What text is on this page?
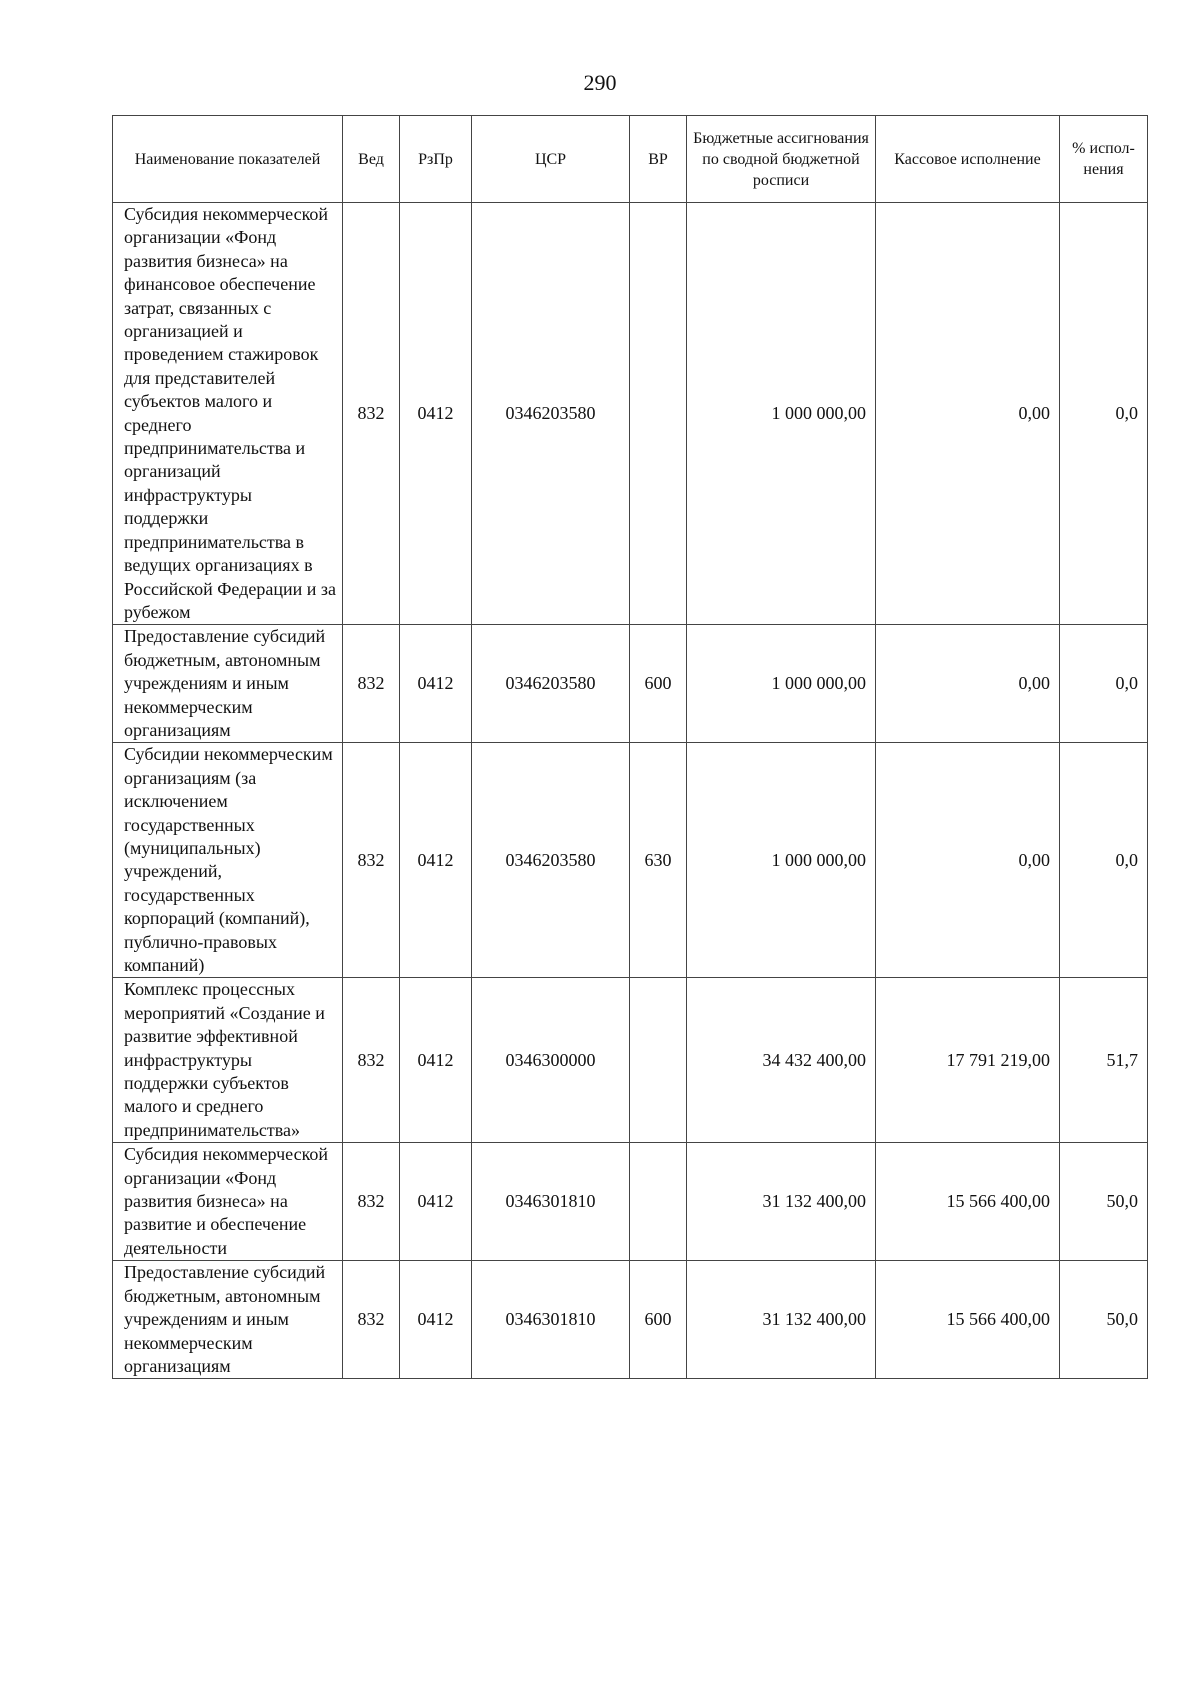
290
Наименование показателей	Вед	РзПр	ЦСР	ВР	Бюджетные ассигнования по сводной бюджетной росписи	Кассовое исполнение	% испол-нения
Субсидия некоммерческой организации «Фонд развития бизнеса» на финансовое обеспечение затрат, связанных с организацией и проведением стажировок для представителей субъектов малого и среднего предпринимательства и организаций инфраструктуры поддержки предпринимательства в ведущих организациях в Российской Федерации и за рубежом	832	0412	0346203580		1 000 000,00	0,00	0,0
Предоставление субсидий бюджетным, автономным учреждениям и иным некоммерческим организациям	832	0412	0346203580	600	1 000 000,00	0,00	0,0
Субсидии некоммерческим организациям (за исключением государственных (муниципальных) учреждений, государственных корпораций (компаний), публично-правовых компаний)	832	0412	0346203580	630	1 000 000,00	0,00	0,0
Комплекс процессных мероприятий «Создание и развитие эффективной инфраструктуры поддержки субъектов малого и среднего предпринимательства»	832	0412	0346300000		34 432 400,00	17 791 219,00	51,7
Субсидия некоммерческой организации «Фонд развития бизнеса» на развитие и обеспечение деятельности	832	0412	0346301810		31 132 400,00	15 566 400,00	50,0
Предоставление субсидий бюджетным, автономным учреждениям и иным некоммерческим организациям	832	0412	0346301810	600	31 132 400,00	15 566 400,00	50,0
